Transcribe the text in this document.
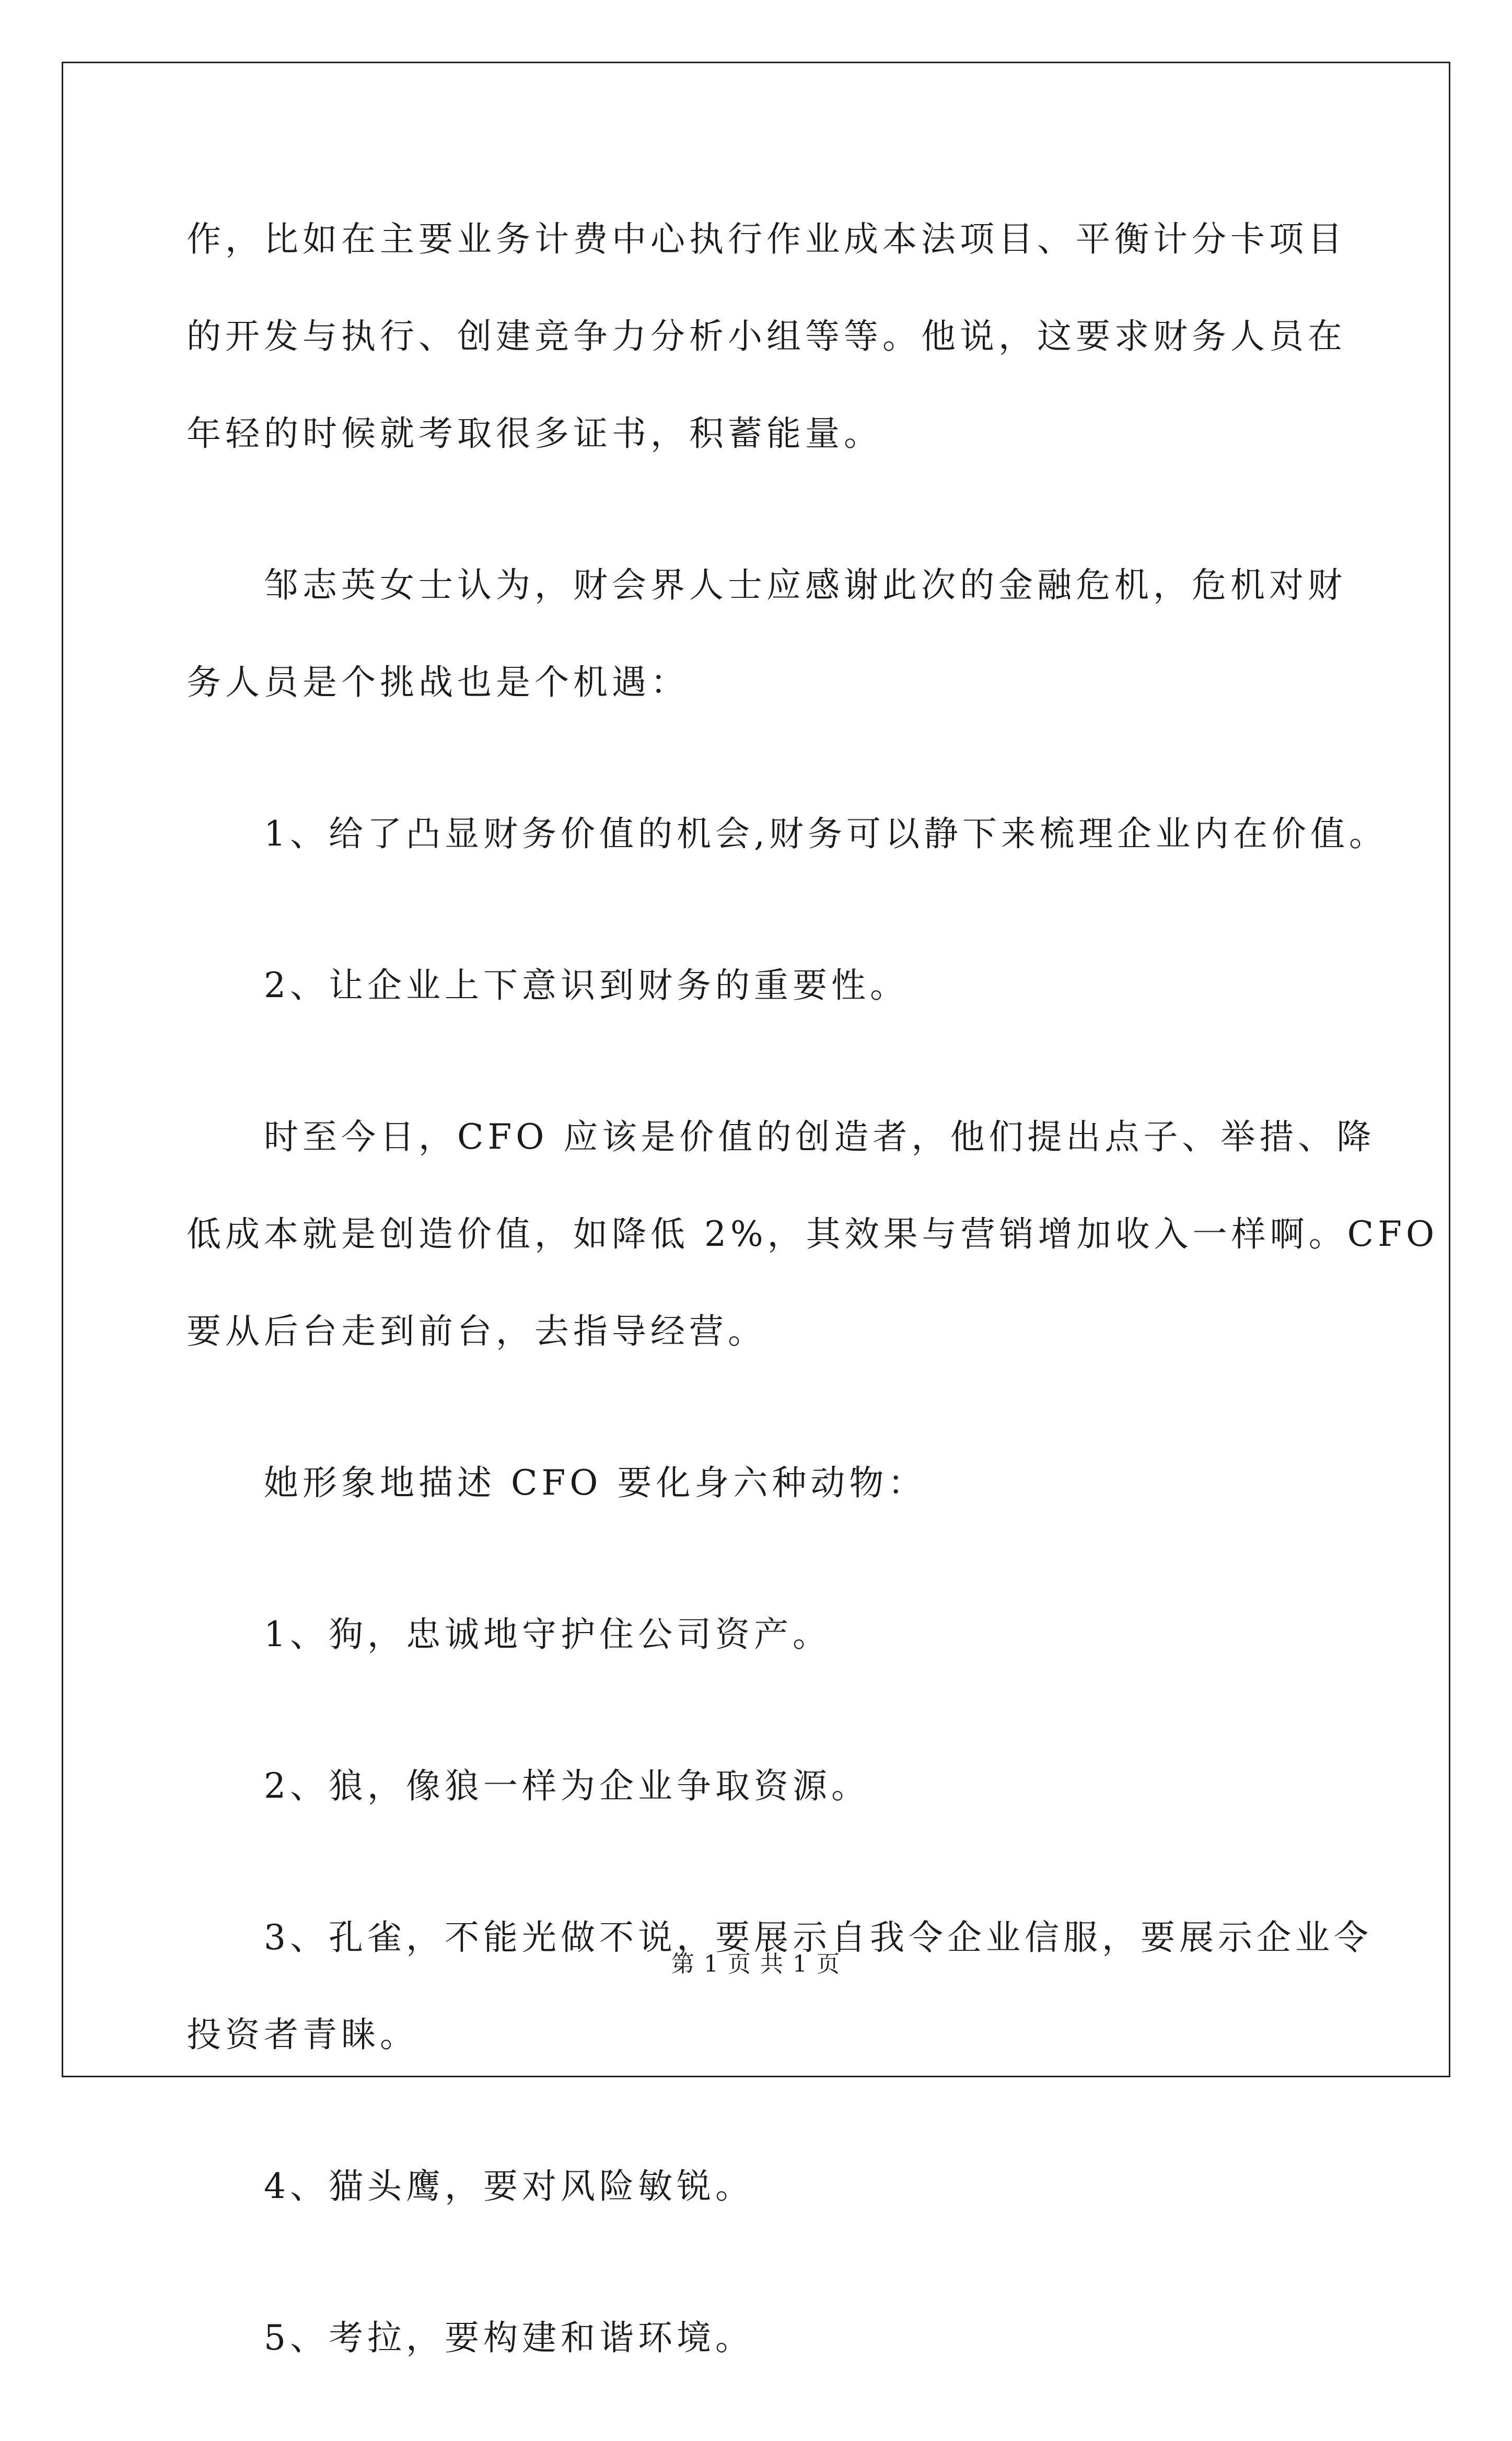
作，比如在主要业务计费中心执行作业成本法项目、平衡计分卡项目
的开发与执行、创建竞争力分析小组等等。他说，这要求财务人员在
年轻的时候就考取很多证书，积蓄能量。
邹志英女士认为，财会界人士应感谢此次的金融危机，危机对财
务人员是个挑战也是个机遇：
1、给了凸显财务价值的机会,财务可以静下来梳理企业内在价值。
2、让企业上下意识到财务的重要性。
时至今日，CFO 应该是价值的创造者，他们提出点子、举措、降
低成本就是创造价值，如降低 2%，其效果与营销增加收入一样啊。CFO
要从后台走到前台，去指导经营。
她形象地描述 CFO 要化身六种动物：
1、狗，忠诚地守护住公司资产。
2、狼，像狼一样为企业争取资源。
3、孔雀，不能光做不说，要展示自我令企业信服，要展示企业令
投资者青睐。
4、猫头鹰，要对风险敏锐。
5、考拉，要构建和谐环境。
第 1 页 共 1 页
